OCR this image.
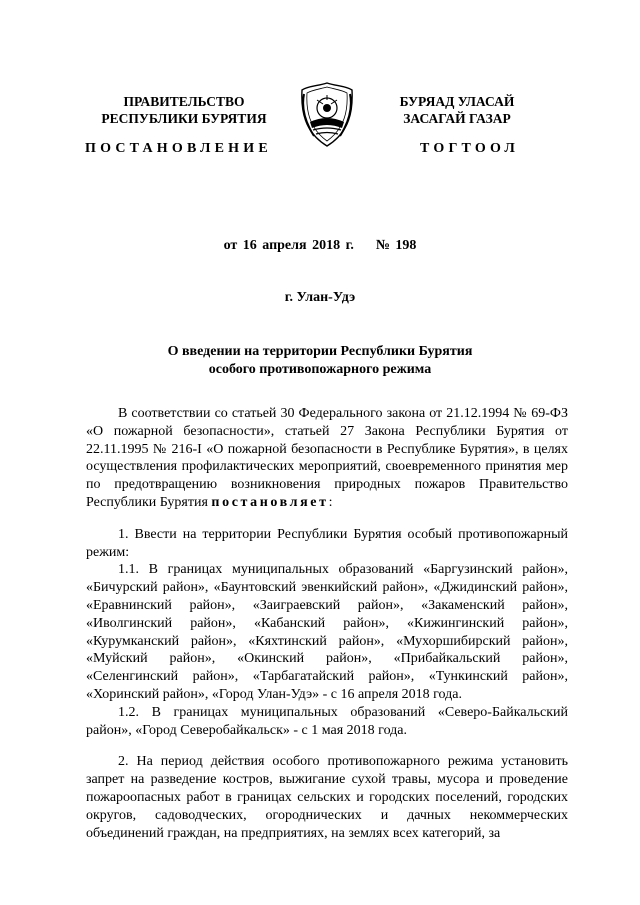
ПРАВИТЕЛЬСТВО
РЕСПУБЛИКИ БУРЯТИЯ
БУРЯАД УЛАСАЙ
ЗАСАГАЙ ГАЗАР
ПОСТАНОВЛЕНИЕ	ТОГТООЛ
от 16 апреля 2018 г.    № 198
г. Улан-Удэ
О введении на территории Республики Бурятия
особого противопожарного режима

В соответствии со статьей 30 Федерального закона от 21.12.1994 № 69-ФЗ «О пожарной безопасности», статьей 27 Закона Республики Бурятия от 22.11.1995 № 216-I «О пожарной безопасности в Республике Бурятия», в целях осуществления профилактических мероприятий, своевременного принятия мер по предотвращению возникновения природных пожаров Правительство Республики Бурятия постановляет:

1. Ввести на территории Республики Бурятия особый противопожарный режим:

1.1. В границах муниципальных образований «Баргузинский район», «Бичурский район», «Баунтовский эвенкийский район», «Джидинский район», «Еравнинский район», «Заиграевский район», «Закаменский район», «Иволгинский район», «Кабанский район», «Кижингинский район», «Курумканский район», «Кяхтинский район», «Мухоршибирский район», «Муйский район», «Окинский район», «Прибайкальский район», «Селенгинский район», «Тарбагатайский район», «Тункинский район», «Хоринский район», «Город Улан-Удэ» - с 16 апреля 2018 года.

1.2. В границах муниципальных образований «Северо-Байкальский район», «Город Северобайкальск» - с 1 мая 2018 года.

2. На период действия особого противопожарного режима установить запрет на разведение костров, выжигание сухой травы, мусора и проведение пожароопасных работ в границах сельских и городских поселений, городских округов, садоводческих, огороднических и дачных некоммерческих объединений граждан, на предприятиях, на землях всех категорий, за
